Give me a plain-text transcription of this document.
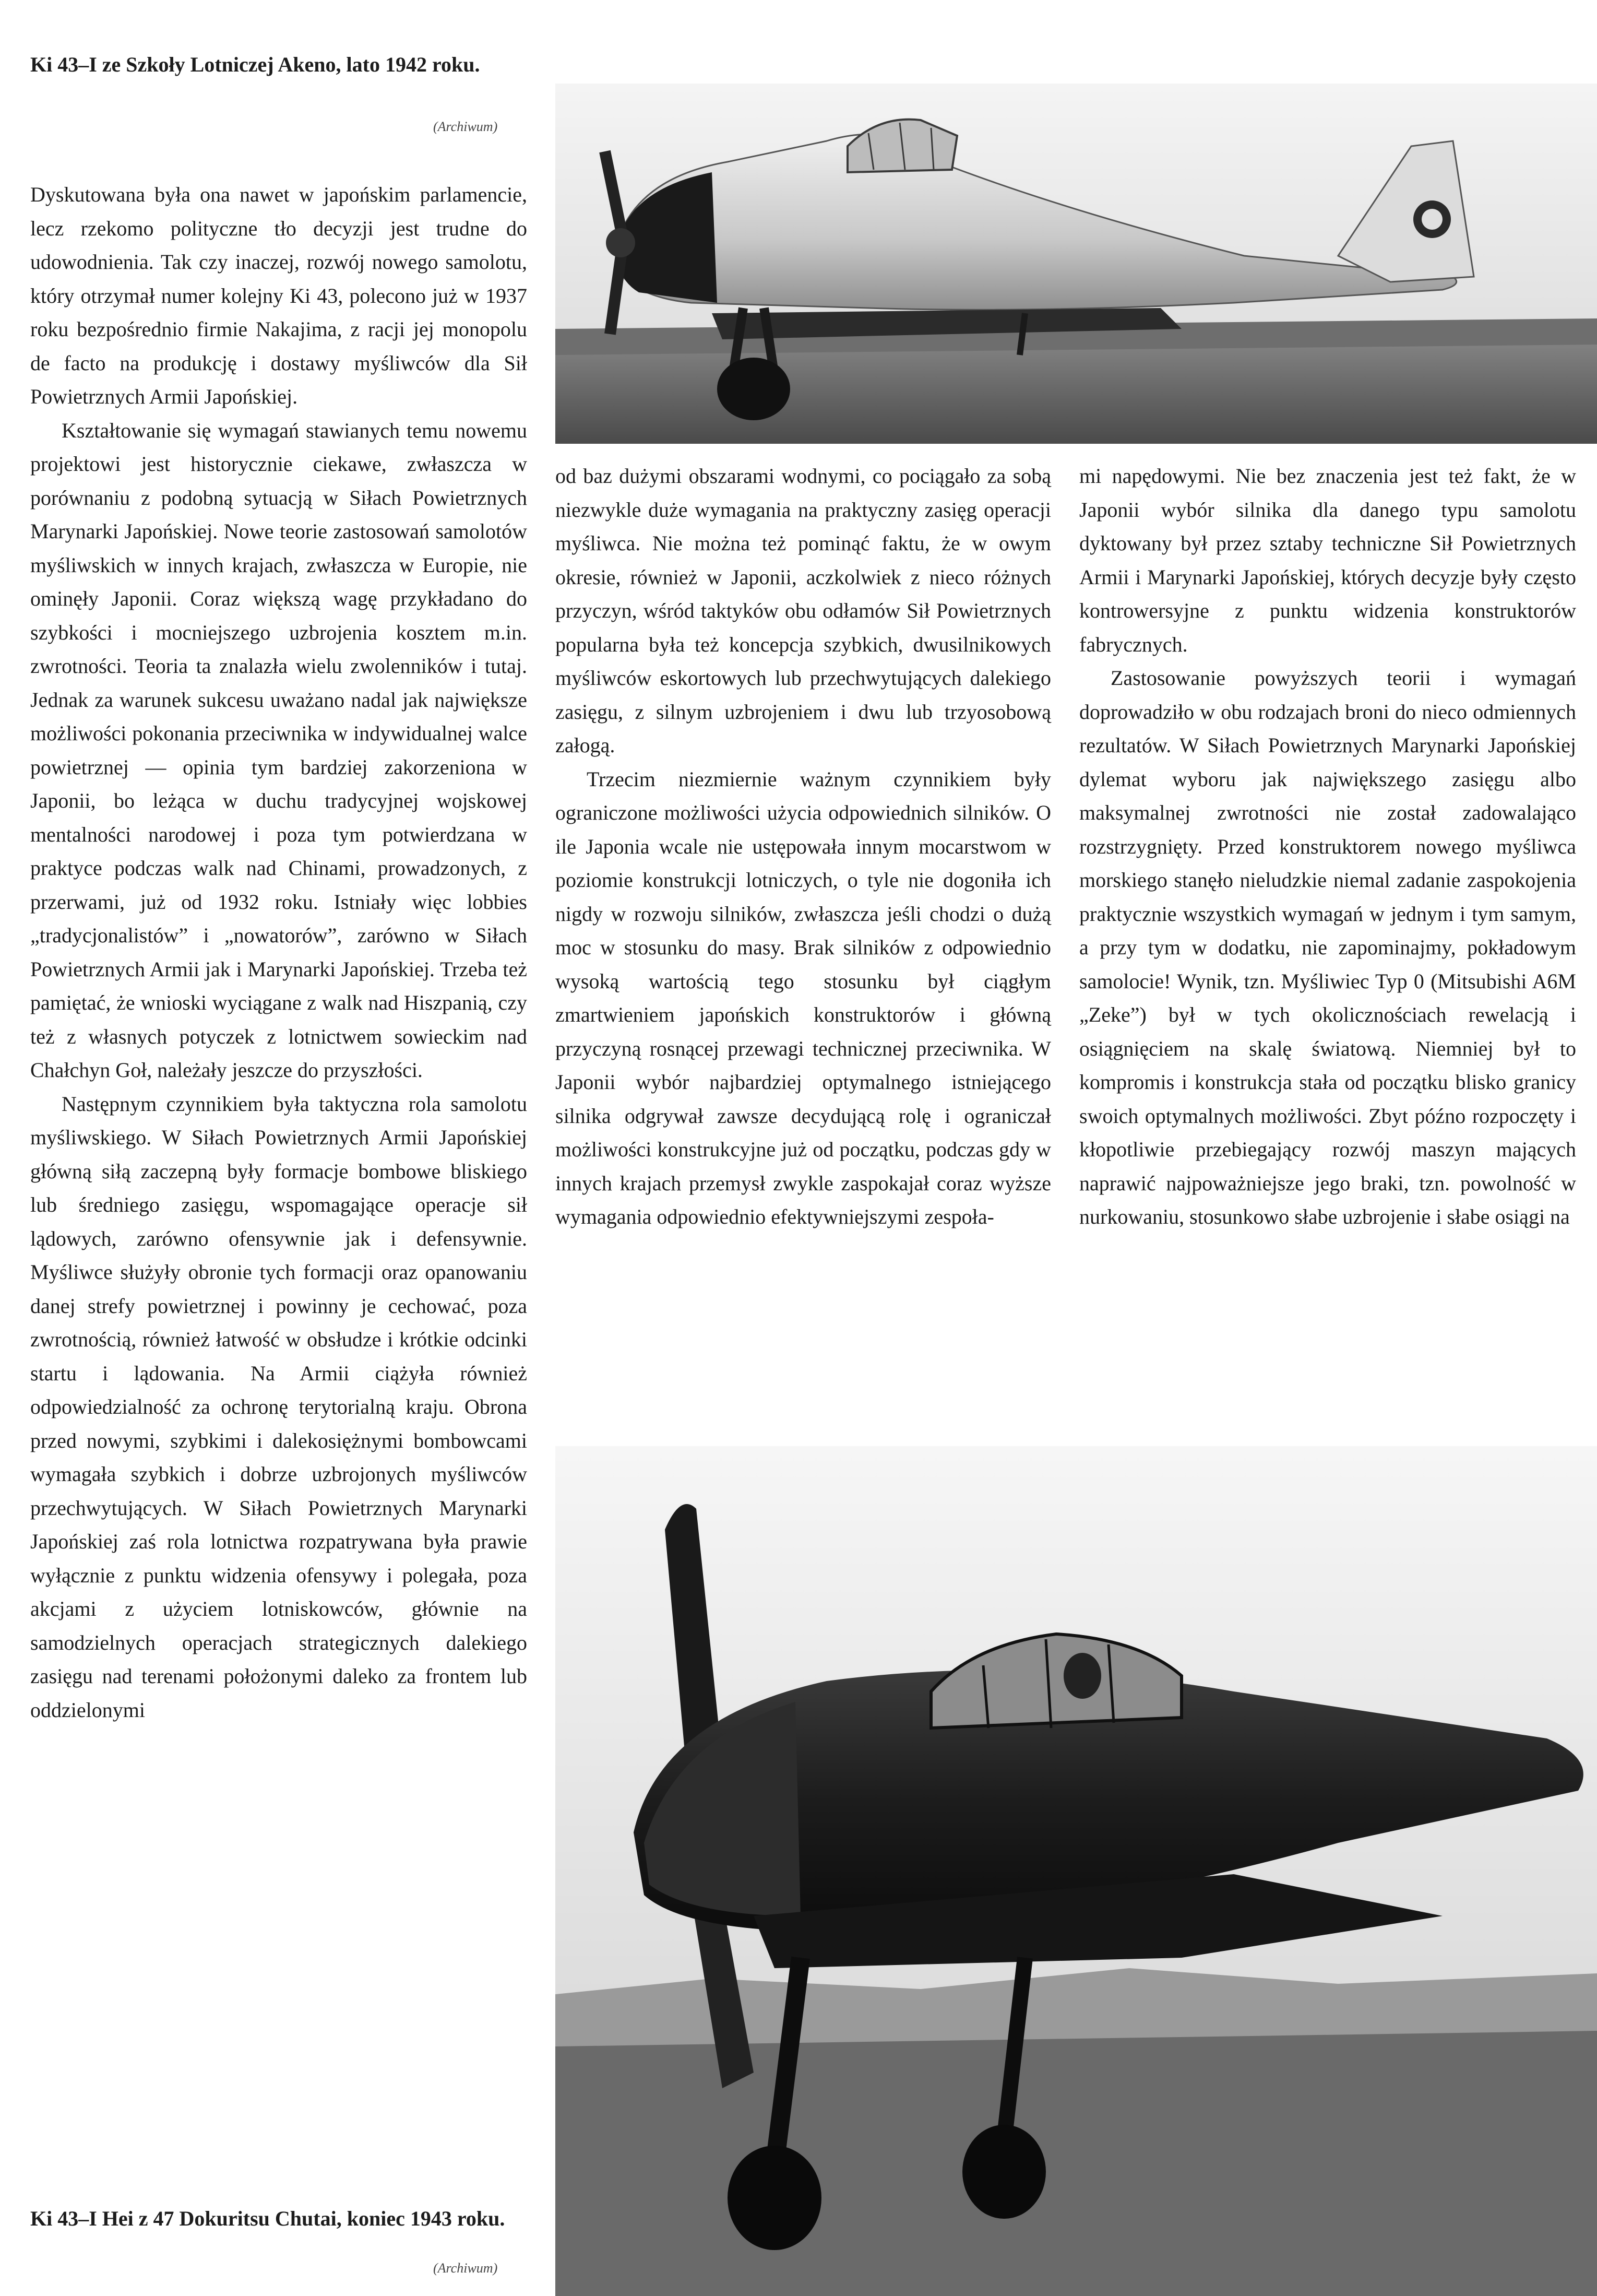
Ki 43–I ze Szkoły Lotniczej Akeno, lato 1942 roku.
(Archiwum)

Dyskutowana była ona nawet w japońskim parlamencie, lecz rzekomo polityczne tło decyzji jest trudne do udowodnienia. Tak czy inaczej, rozwój nowego samolotu, który otrzymał numer kolejny Ki 43, polecono już w 1937 roku bezpośrednio firmie Nakajima, z racji jej monopolu de facto na produkcję i dostawy myśliwców dla Sił Powietrznych Armii Japońskiej.

Kształtowanie się wymagań stawianych temu nowemu projektowi jest historycznie ciekawe, zwłaszcza w porównaniu z podobną sytuacją w Siłach Powietrznych Marynarki Japońskiej. Nowe teorie zastosowań samolotów myśliwskich w innych krajach, zwłaszcza w Europie, nie ominęły Japonii. Coraz większą wagę przykładano do szybkości i mocniejszego uzbrojenia kosztem m.in. zwrotności. Teoria ta znalazła wielu zwolenników i tutaj. Jednak za warunek sukcesu uważano nadal jak największe możliwości pokonania przeciwnika w indywidualnej walce powietrznej — opinia tym bardziej zakorzeniona w Japonii, bo leżąca w duchu tradycyjnej wojskowej mentalności narodowej i poza tym potwierdzana w praktyce podczas walk nad Chinami, prowadzonych, z przerwami, już od 1932 roku. Istniały więc lobbies „tradycjonalistów” i „nowatorów”, zarówno w Siłach Powietrznych Armii jak i Marynarki Japońskiej. Trzeba też pamiętać, że wnioski wyciągane z walk nad Hiszpanią, czy też z własnych potyczek z lotnictwem sowieckim nad Chałchyn Goł, należały jeszcze do przyszłości.

Następnym czynnikiem była taktyczna rola samolotu myśliwskiego. W Siłach Powietrznych Armii Japońskiej główną siłą zaczepną były formacje bombowe bliskiego lub średniego zasięgu, wspomagające operacje sił lądowych, zarówno ofensywnie jak i defensywnie. Myśliwce służyły obronie tych formacji oraz opanowaniu danej strefy powietrznej i powinny je cechować, poza zwrotnością, również łatwość w obsłudze i krótkie odcinki startu i lądowania. Na Armii ciążyła również odpowiedzialność za ochronę terytorialną kraju. Obrona przed nowymi, szybkimi i dalekosiężnymi bombowcami wymagała szybkich i dobrze uzbrojonych myśliwców przechwytujących. W Siłach Powietrznych Marynarki Japońskiej zaś rola lotnictwa rozpatrywana była prawie wyłącznie z punktu widzenia ofensywy i polegała, poza akcjami z użyciem lotniskowców, głównie na samodzielnych operacjach strategicznych dalekiego zasięgu nad terenami położonymi daleko za frontem lub oddzielonymi

od baz dużymi obszarami wodnymi, co pociągało za sobą niezwykle duże wymagania na praktyczny zasięg operacji myśliwca. Nie można też pominąć faktu, że w owym okresie, również w Japonii, aczkolwiek z nieco różnych przyczyn, wśród taktyków obu odłamów Sił Powietrznych popularna była też koncepcja szybkich, dwusilnikowych myśliwców eskortowych lub przechwytujących dalekiego zasięgu, z silnym uzbrojeniem i dwu lub trzyosobową załogą.

Trzecim niezmiernie ważnym czynnikiem były ograniczone możliwości użycia odpowiednich silników. O ile Japonia wcale nie ustępowała innym mocarstwom w poziomie konstrukcji lotniczych, o tyle nie dogoniła ich nigdy w rozwoju silników, zwłaszcza jeśli chodzi o dużą moc w stosunku do masy. Brak silników z odpowiednio wysoką wartością tego stosunku był ciągłym zmartwieniem japońskich konstruktorów i główną przyczyną rosnącej przewagi technicznej przeciwnika. W Japonii wybór najbardziej optymalnego istniejącego silnika odgrywał zawsze decydującą rolę i ograniczał możliwości konstrukcyjne już od początku, podczas gdy w innych krajach przemysł zwykle zaspokajał coraz wyższe wymagania odpowiednio efektywniejszymi zespoła-

mi napędowymi. Nie bez znaczenia jest też fakt, że w Japonii wybór silnika dla danego typu samolotu dyktowany był przez sztaby techniczne Sił Powietrznych Armii i Marynarki Japońskiej, których decyzje były często kontrowersyjne z punktu widzenia konstruktorów fabrycznych.

Zastosowanie powyższych teorii i wymagań doprowadziło w obu rodzajach broni do nieco odmiennych rezultatów. W Siłach Powietrznych Marynarki Japońskiej dylemat wyboru jak największego zasięgu albo maksymalnej zwrotności nie został zadowalająco rozstrzygnięty. Przed konstruktorem nowego myśliwca morskiego stanęło nieludzkie niemal zadanie zaspokojenia praktycznie wszystkich wymagań w jednym i tym samym, a przy tym w dodatku, nie zapominajmy, pokładowym samolocie! Wynik, tzn. Myśliwiec Typ 0 (Mitsubishi A6M „Zeke”) był w tych okolicznościach rewelacją i osiągnięciem na skalę światową. Niemniej był to kompromis i konstrukcja stała od początku blisko granicy swoich optymalnych możliwości. Zbyt późno rozpoczęty i kłopotliwie przebiegający rozwój maszyn mających naprawić najpoważniejsze jego braki, tzn. powolność w nurkowaniu, stosunkowo słabe uzbrojenie i słabe osiągi na

Ki 43–I Hei z 47 Dokuritsu Chutai, koniec 1943 roku.
(Archiwum)
